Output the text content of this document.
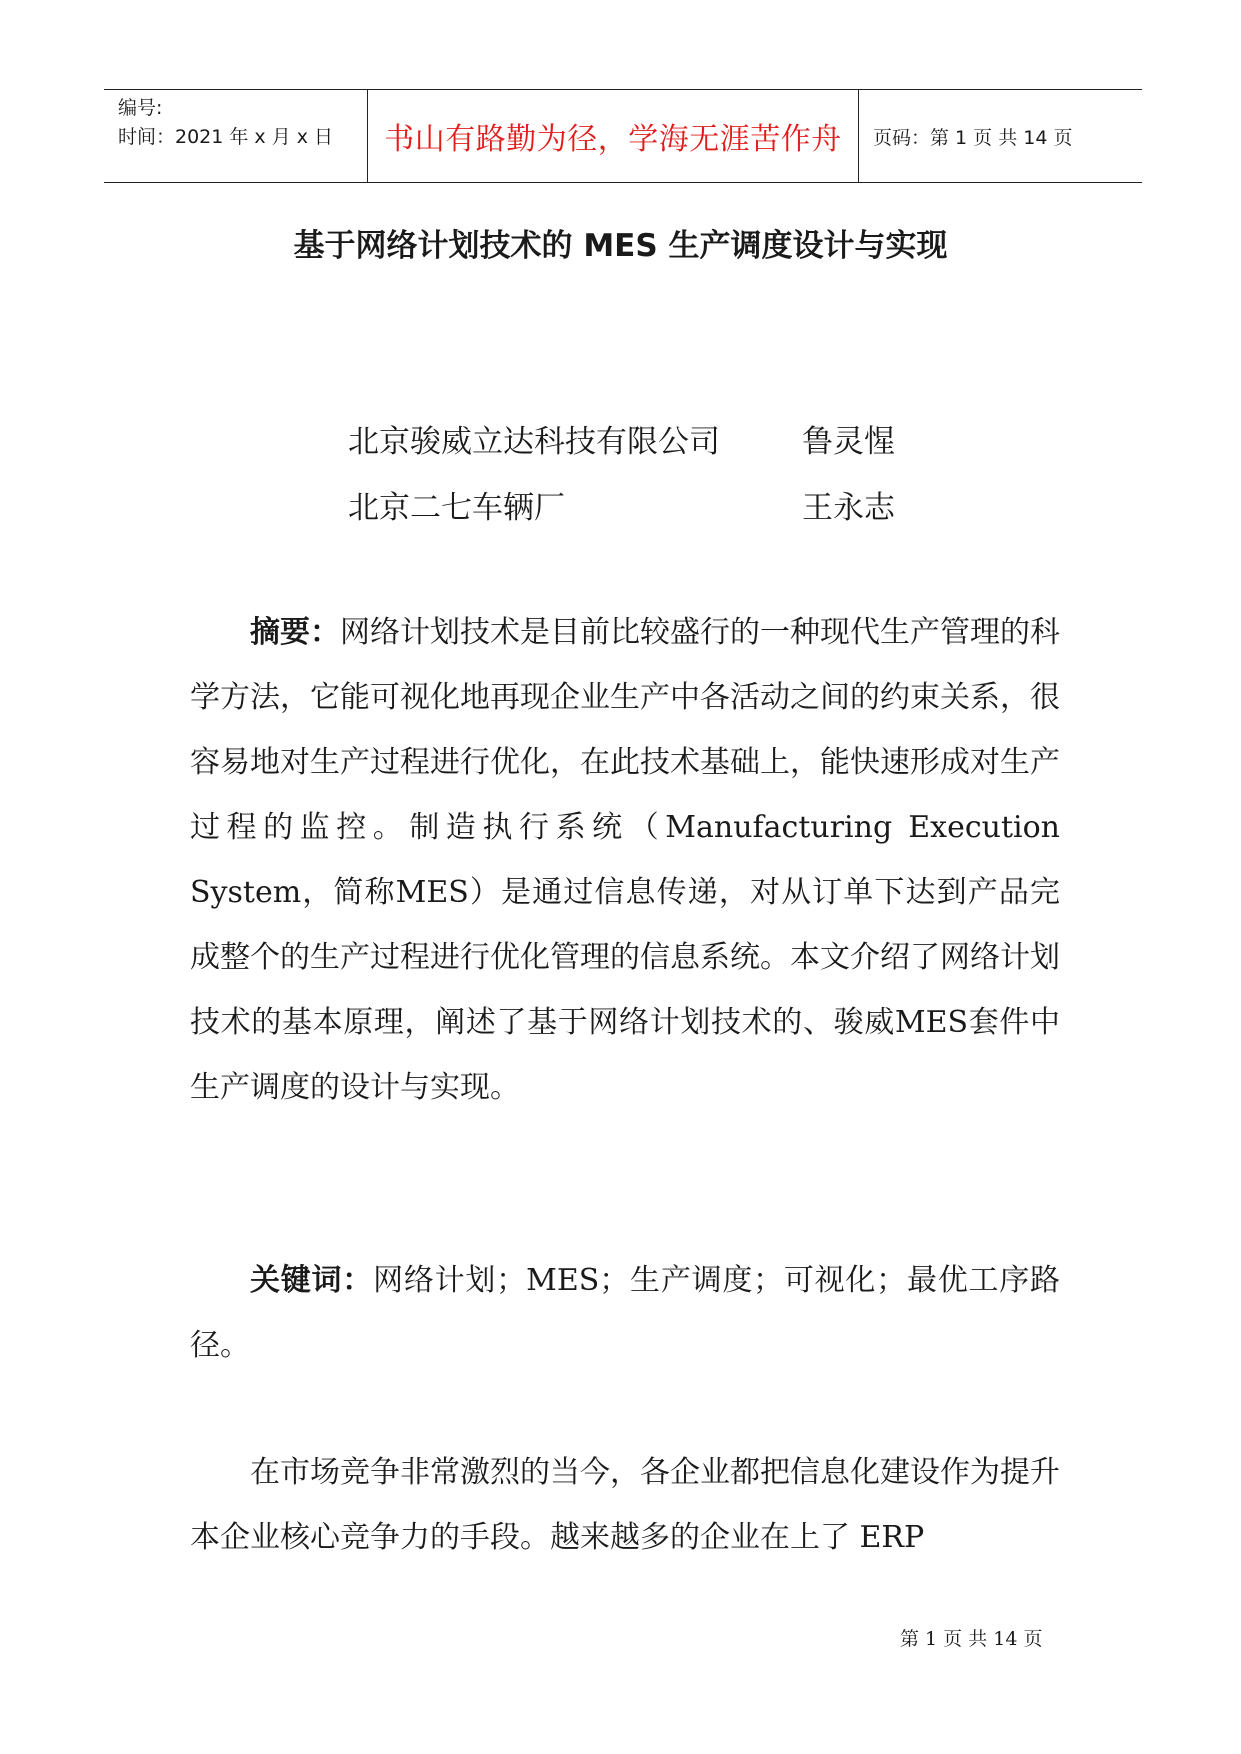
编号:
时间：2021 年 x 月 x 日	书山有路勤为径，学海无涯苦作舟 页码：第 1 页 共 14 页
基于网络计划技术的 MES 生产调度设计与实现
北京骏威立达科技有限公司	鲁灵惺
北京二七车辆厂	王永志

摘要：网络计划技术是目前比较盛行的一种现代生产管理的科学方法，它能可视化地再现企业生产中各活动之间的约束关系，很容易地对生产过程进行优化，在此技术基础上，能快速形成对生产过程的监控。制造执行系统（Manufacturing Execution System，简称MES）是通过信息传递，对从订单下达到产品完成整个的生产过程进行优化管理的信息系统。本文介绍了网络计划技术的基本原理，阐述了基于网络计划技术的、骏威MES套件中生产调度的设计与实现。

关键词：网络计划；MES；生产调度；可视化；最优工序路径。

在市场竞争非常激烈的当今，各企业都把信息化建设作为提升本企业核心竞争力的手段。越来越多的企业在上了 ERP

第 1 页 共 14 页
